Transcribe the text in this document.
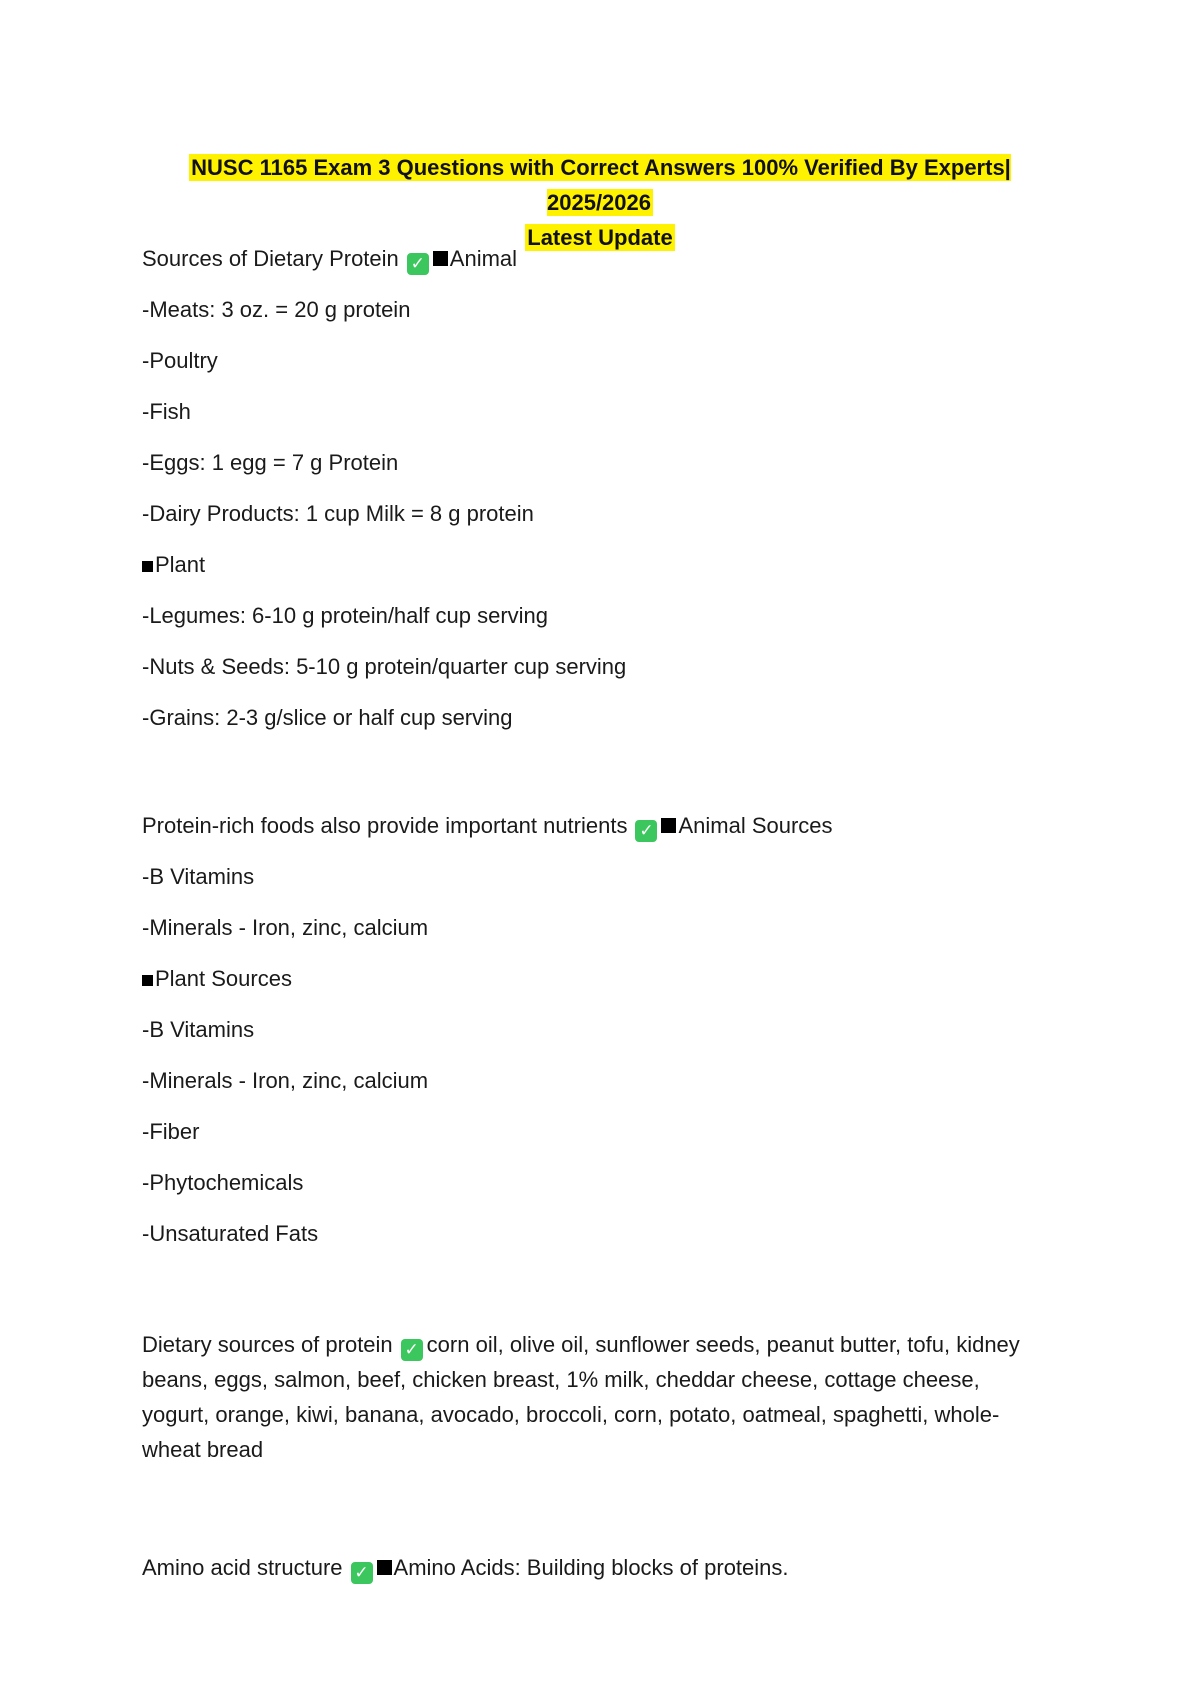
NUSC 1165 Exam 3 Questions with Correct Answers 100% Verified By Experts| 2025/2026
Latest Update
Sources of Dietary Protein ✓ Animal
-Meats: 3 oz. = 20 g protein
-Poultry
-Fish
-Eggs: 1 egg = 7 g Protein
-Dairy Products: 1 cup Milk = 8 g protein
Plant
-Legumes: 6-10 g protein/half cup serving
-Nuts & Seeds: 5-10 g protein/quarter cup serving
-Grains: 2-3 g/slice or half cup serving
Protein-rich foods also provide important nutrients ✓ Animal Sources
-B Vitamins
-Minerals - Iron, zinc, calcium
Plant Sources
-B Vitamins
-Minerals - Iron, zinc, calcium
-Fiber
-Phytochemicals
-Unsaturated Fats
Dietary sources of protein ✓ corn oil, olive oil, sunflower seeds, peanut butter, tofu, kidney beans, eggs, salmon, beef, chicken breast, 1% milk, cheddar cheese, cottage cheese, yogurt, orange, kiwi, banana, avocado, broccoli, corn, potato, oatmeal, spaghetti, whole-wheat bread
Amino acid structure ✓ Amino Acids: Building blocks of proteins.
